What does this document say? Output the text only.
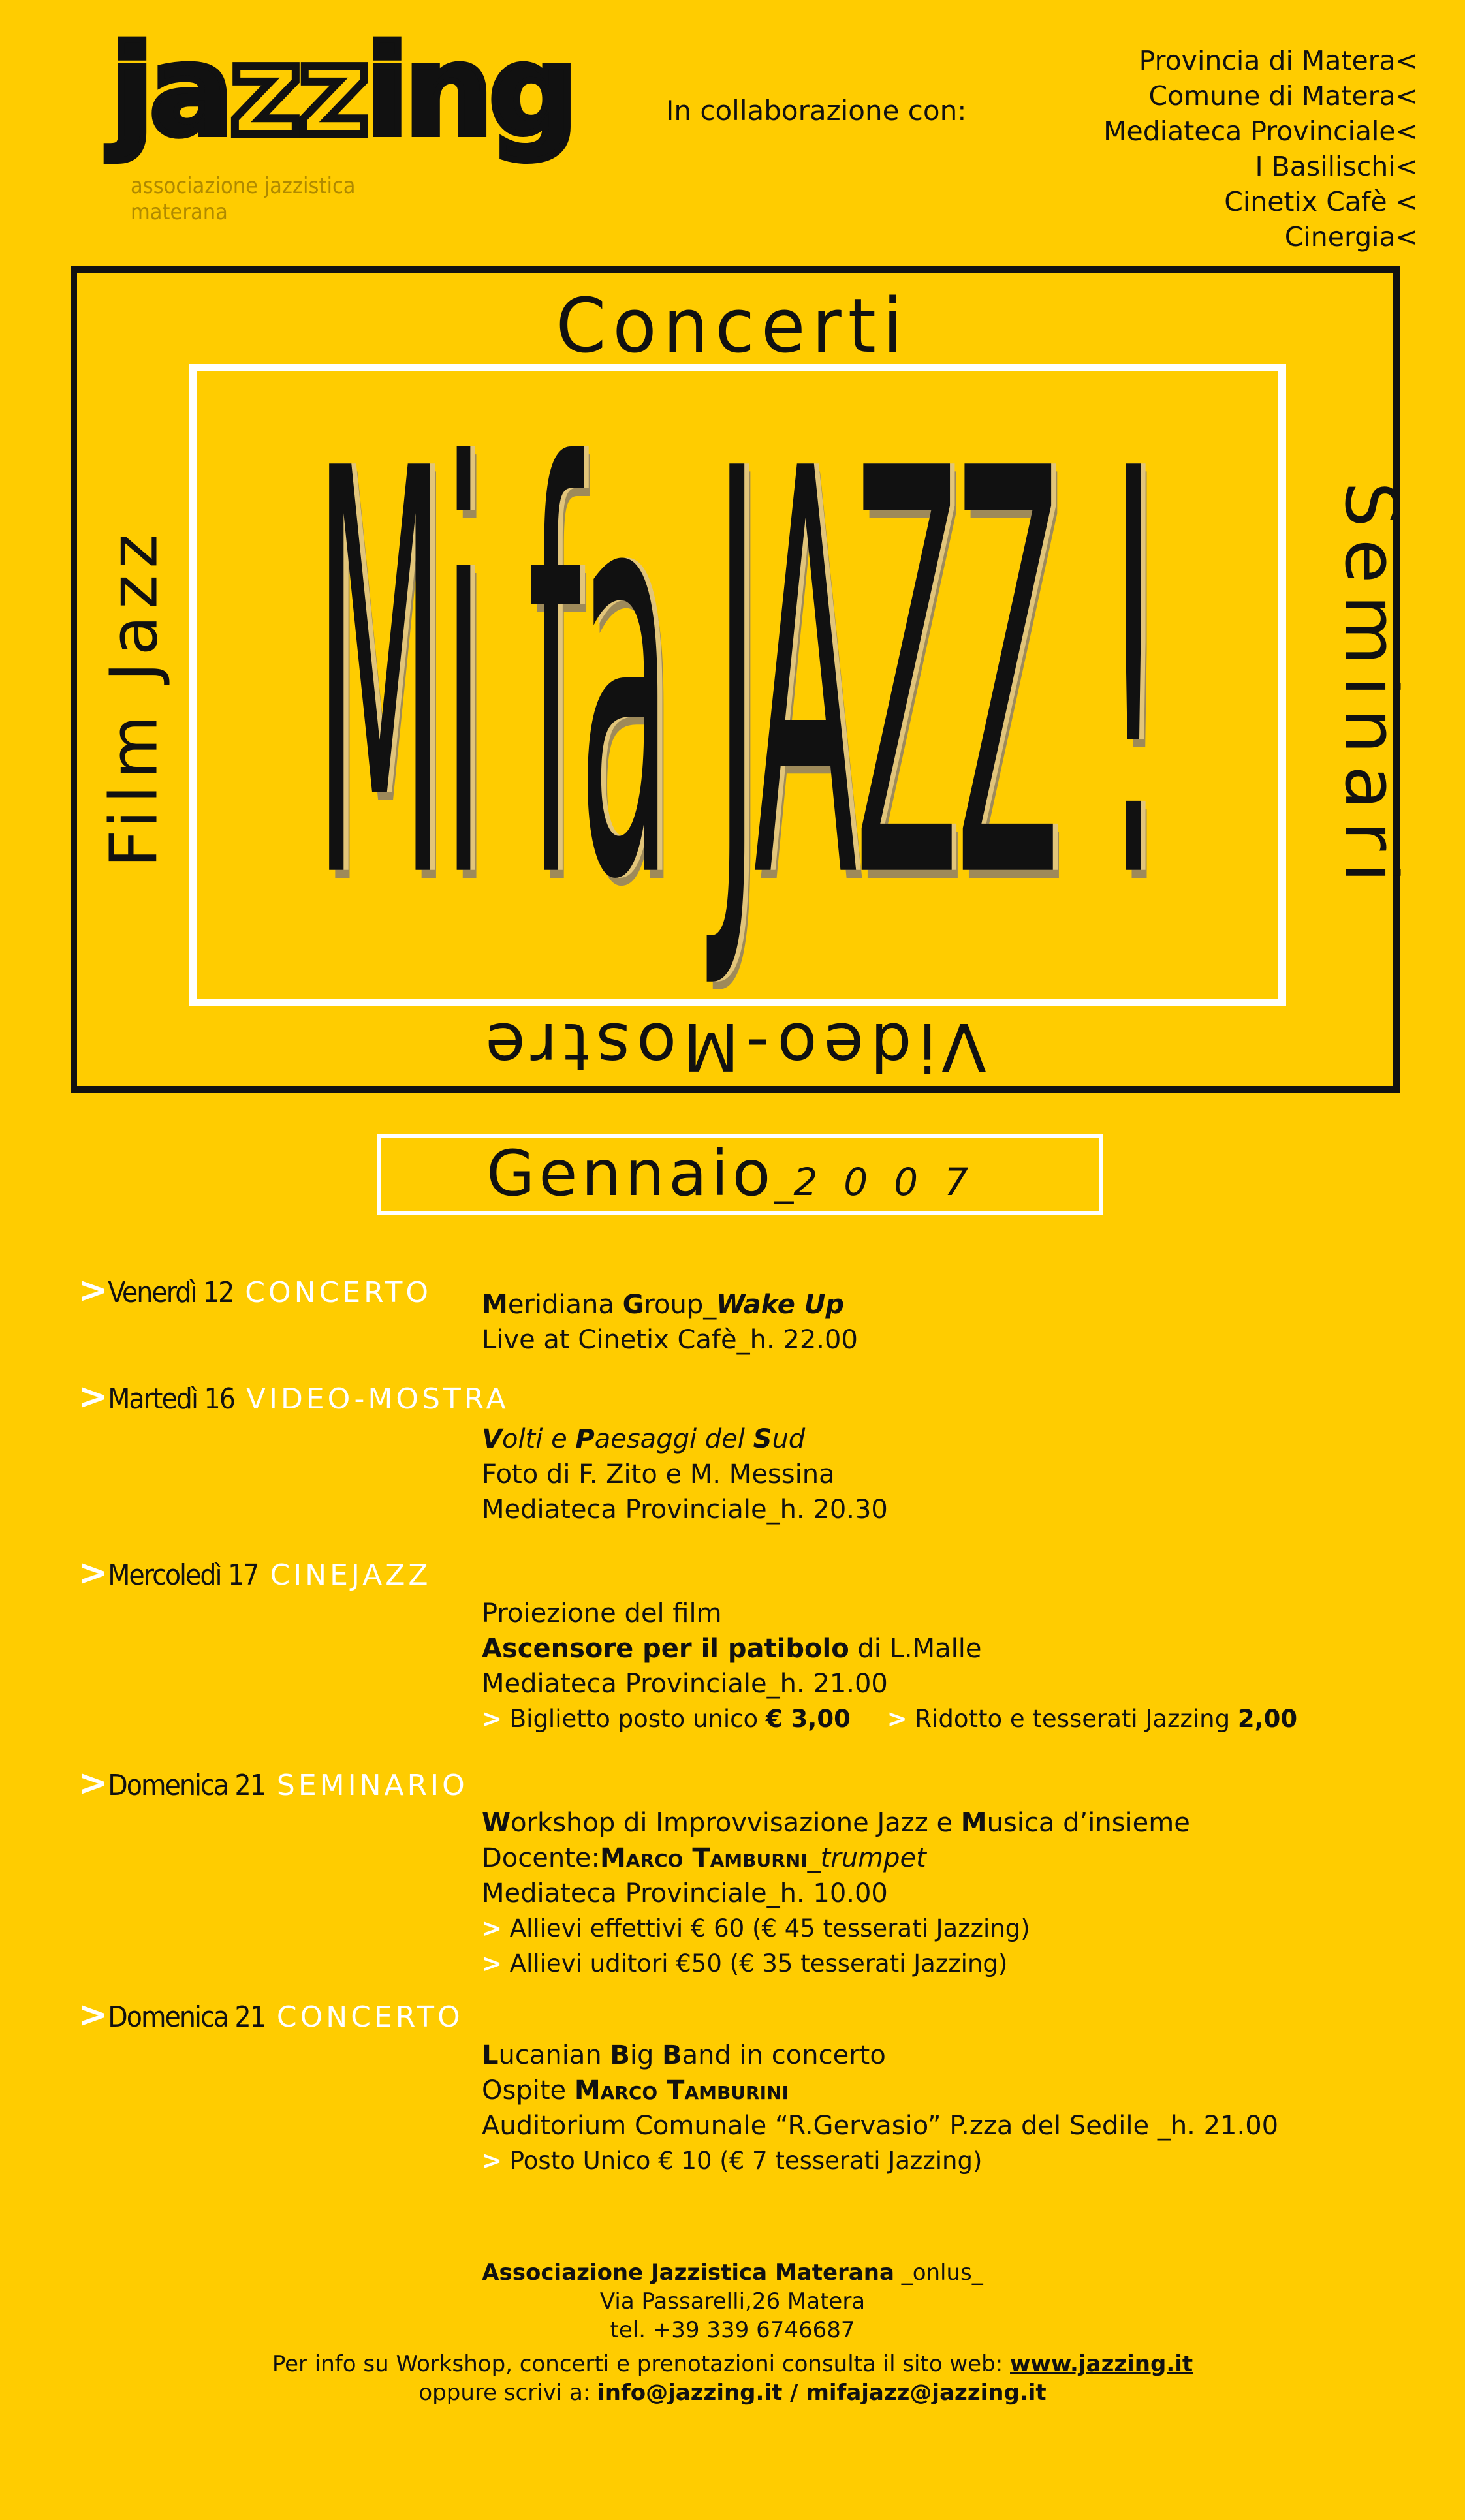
jazzing
associazione jazzistica materana
In collaborazione con:
Provincia di Matera<
Comune di Matera<
Mediateca Provinciale<
I Basilischi<
Cinetix Cafè <
Cinergia<
Concerti
Video-Mostre
Film Jazz	Seminari
Mi fa JAZZ !
Gennaio_2007
>Venerdì 12 CONCERTO Meridiana Group_Wake Up
Live at Cinetix Cafè_h. 22.00
>Martedì 16 VIDEO-MOSTRA
Volti e Paesaggi del Sud
Foto di F. Zito e M. Messina
Mediateca Provinciale_h. 20.30
>Mercoledì 17 CINEJAZZ
Proiezione del film
Ascensore per il patibolo di L.Malle
Mediateca Provinciale_h. 21.00
> Biglietto posto unico € 3,00 > Ridotto e tesserati Jazzing 2,00
>Domenica 21 SEMINARIO
Workshop di Improvvisazione Jazz e Musica d’insieme
Docente:Marco Tamburni_trumpet
Mediateca Provinciale_h. 10.00
> Allievi effettivi € 60 (€ 45 tesserati Jazzing)
> Allievi uditori €50 (€ 35 tesserati Jazzing)
>Domenica 21 CONCERTO
Lucanian Big Band in concerto
Ospite Marco Tamburini
Auditorium Comunale “R.Gervasio” P.zza del Sedile _h. 21.00
> Posto Unico € 10 (€ 7 tesserati Jazzing)
Associazione Jazzistica Materana _onlus_
Via Passarelli,26 Matera
tel. +39 339 6746687
Per info su Workshop, concerti e prenotazioni consulta il sito web: www.jazzing.it
oppure scrivi a: info@jazzing.it / mifajazz@jazzing.it
